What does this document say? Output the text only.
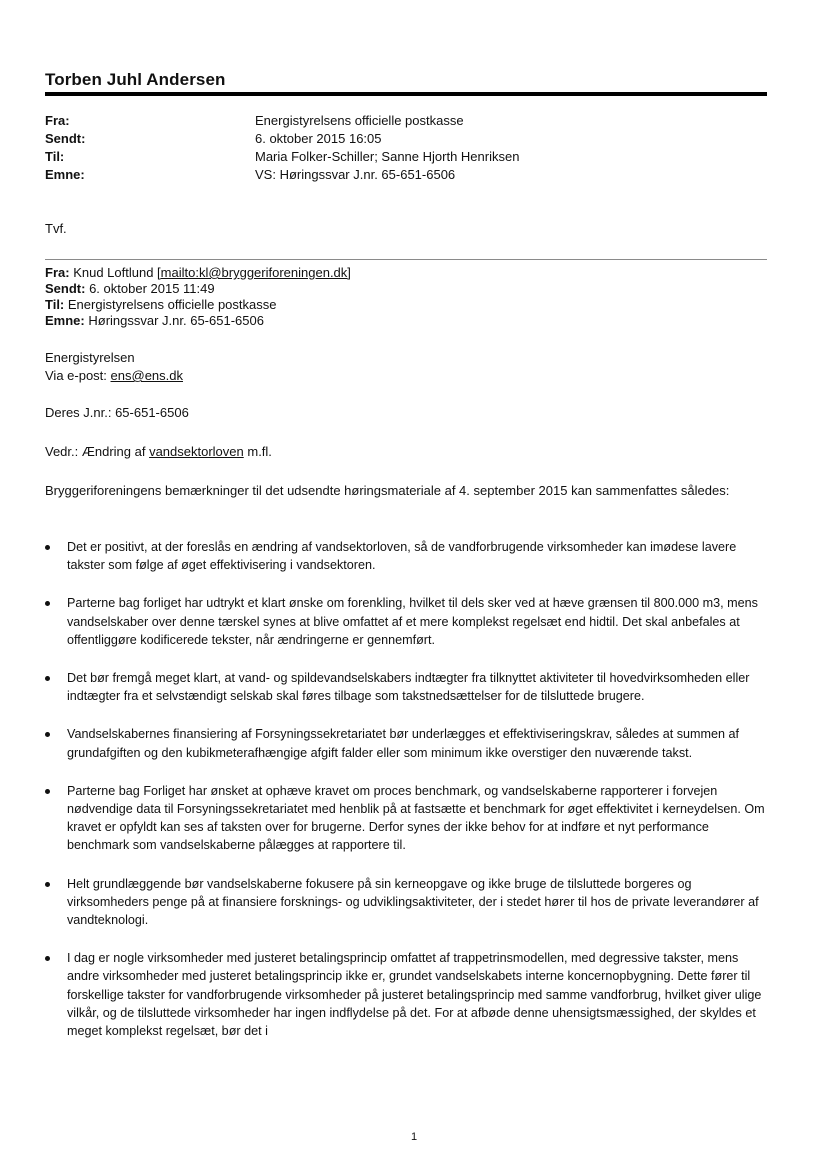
Torben Juhl Andersen
Fra:	Energistyrelsens officielle postkasse
Sendt:	6. oktober 2015 16:05
Til:	Maria Folker-Schiller; Sanne Hjorth Henriksen
Emne:	VS: Høringssvar J.nr. 65-651-6506
Tvf.
Fra: Knud Loftlund [mailto:kl@bryggeriforeningen.dk]
Sendt: 6. oktober 2015 11:49
Til: Energistyrelsens officielle postkasse
Emne: Høringssvar J.nr. 65-651-6506
Energistyrelsen
Via e-post: ens@ens.dk
Deres J.nr.: 65-651-6506
Vedr.: Ændring af vandsektorloven m.fl.
Bryggeriforeningens bemærkninger til det udsendte høringsmateriale af 4. september 2015 kan sammenfattes således:
Det er positivt, at der foreslås en ændring af vandsektorloven, så de vandforbrugende virksomheder kan imødese lavere takster som følge af øget effektivisering i vandsektoren.
Parterne bag forliget har udtrykt et klart ønske om forenkling, hvilket til dels sker ved at hæve grænsen til 800.000 m3, mens vandselskaber over denne tærskel synes at blive omfattet af et mere komplekst regelsæt end hidtil. Det skal anbefales at offentliggøre kodificerede tekster, når ændringerne er gennemført.
Det bør fremgå meget klart, at vand- og spildevandselskabers indtægter fra tilknyttet aktiviteter til hovedvirksomheden eller indtægter fra et selvstændigt selskab skal føres tilbage som takstnedsættelser for de tilsluttede brugere.
Vandselskabernes finansiering af Forsyningssekretariatet bør underlægges et effektiviseringskrav, således at summen af grundafgiften og den kubikmeterafhængige afgift falder eller som minimum ikke overstiger den nuværende takst.
Parterne bag Forliget har ønsket at ophæve kravet om proces benchmark, og vandselskaberne rapporterer i forvejen nødvendige data til Forsyningssekretariatet med henblik på at fastsætte et benchmark for øget effektivitet i kerneydelsen. Om kravet er opfyldt kan ses af taksten over for brugerne. Derfor synes der ikke behov for at indføre et nyt performance benchmark som vandselskaberne pålægges at rapportere til.
Helt grundlæggende bør vandselskaberne fokusere på sin kerneopgave og ikke bruge de tilsluttede borgeres og virksomheders penge på at finansiere forsknings- og udviklingsaktiviteter, der i stedet hører til hos de private leverandører af vandteknologi.
I dag er nogle virksomheder med justeret betalingsprincip omfattet af trappetrinsmodellen, med degressive takster, mens andre virksomheder med justeret betalingsprincip ikke er, grundet vandselskabets interne koncernopbygning. Dette fører til forskellige takster for vandforbrugende virksomheder på justeret betalingsprincip med samme vandforbrug, hvilket giver ulige vilkår, og de tilsluttede virksomheder har ingen indflydelse på det. For at afbøde denne uhensigtsmæssighed, der skyldes et meget komplekst regelsæt, bør det i
1
